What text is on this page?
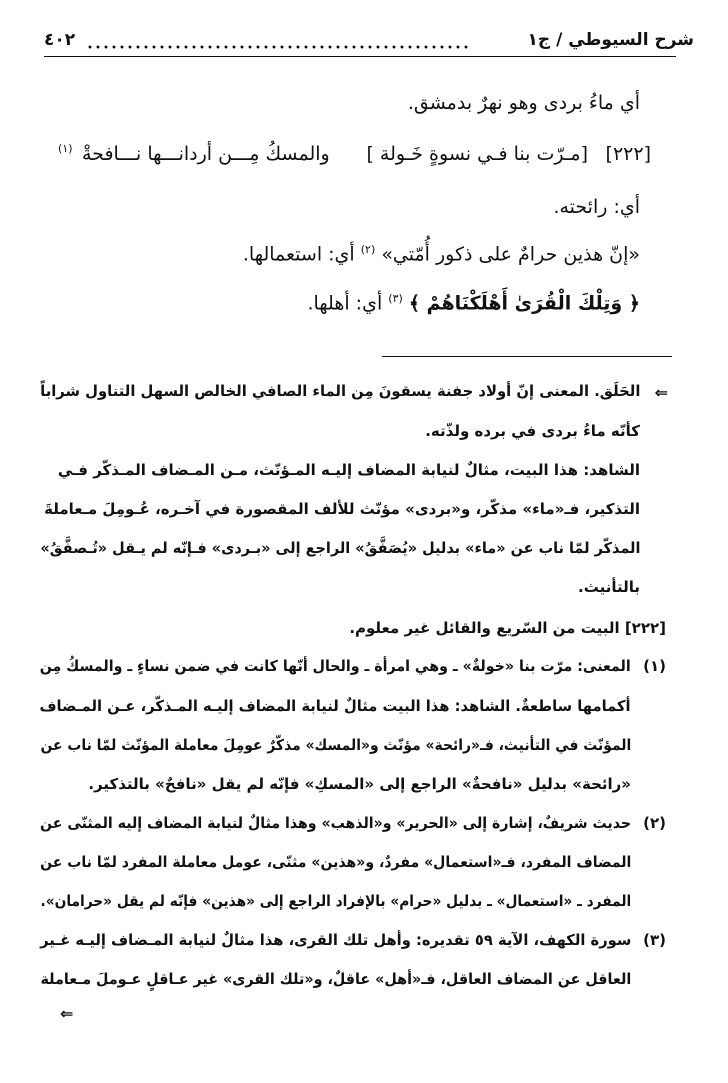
شرح السيوطي / ج١
٤٠٢
أي ماءُ بردى وهو نهرٌ بدمشق.
[٢٢٢]
[مـرّت بنا فـي نسوةٍ خَـولة ]
والمسكُ مِـــن أردانـــها نـــافحةْ
(١)
أي: رائحته.
«إنّ هذين حرامٌ على ذكور أُمّتي» $^{(٢)}$ أي: استعمالها.
﴿ وَتِلْكَ الْقُرَىٰ أَهْلَكْنَاهُمْ ﴾ $^{(٣)}$ أي: أهلها.
⇐
الحَلَق. المعنى إنّ أولاد جفنة يسقونَ مِن الماء الصافي الخالص السهل التناول شراباً
كأنّه ماءُ بردى في برده ولذّته.
الشاهد: هذا البيت، مثالٌ لنيابة المضاف إليـه المـؤنّث، مـن المـضاف المـذكّر فـي
التذكير، فـ«ماء» مذكّر، و«بردى» مؤنّث للألف المقصورة في آخـره، عُـومِلَ مـعاملةَ
المذكّر لمّا ناب عن «ماء» بدليل «يُصَفَّقُ» الراجع إلى «بـردى» فـإنّه لم يـقل «تُـصفَّقُ»
بالتأنيث.
[٢٢٢] البيت من السّريع والقائل غير معلوم.
(١)
المعنى: مرّت بنا «خولةٌ» ـ وهي امرأة ـ والحال أنّها كانت في ضمن نساءٍ ـ والمسكُ مِن
أكمامها ساطعةٌ. الشاهد: هذا البيت مثالٌ لنيابة المضاف إليـه المـذكّر، عـن المـضاف
المؤنّث في التأنيث، فـ«رائحة» مؤنّث و«المسك» مذكّرٌ عومِلَ معاملة المؤنّث لمّا ناب عن
«رائحة» بدليل «نافحةٌ» الراجع إلى «المسكِ» فإنّه لم يقل «نافحٌ» بالتذكير.
(٢)
حديث شريفٌ، إشارة إلى «الحرير» و«الذهب» وهذا مثالٌ لنيابة المضاف إليه المثنّى عن
المضاف المفرد، فـ«استعمال» مفردٌ، و«هذين» مثنّى، عومل معاملة المفرد لمّا ناب عن
المفرد ـ «استعمال» ـ بدليل «حرام» بالإفراد الراجع إلى «هذين» فإنّه لم يقل «حرامان».
(٣)
سورة الكهف، الآية ٥٩ تقديره: وأهل تلك القرى، هذا مثالٌ لنيابة المـضاف إليـه غـير
العاقل عن المضاف العاقل، فـ«أهل» عاقلٌ، و«تلك القرى» غير عـاقلٍ عـوملَ مـعاملة
⇐
